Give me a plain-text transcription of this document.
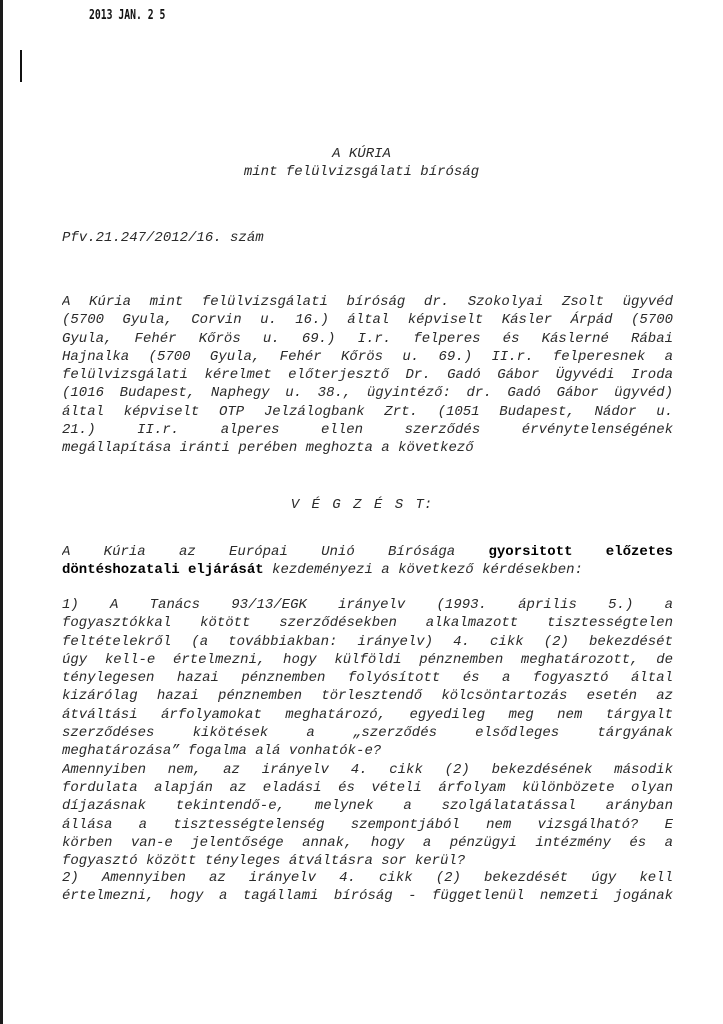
2013 JAN. 2 5
A KÚRIA
mint felülvizsgálati bíróság
Pfv.21.247/2012/16. szám
A Kúria mint felülvizsgálati bíróság dr. Szokolyai Zsolt ügyvéd
(5700 Gyula, Corvin u. 16.) által képviselt Kásler Árpád (5700
Gyula, Fehér Kőrös u. 69.) I.r. felperes és Káslerné Rábai
Hajnalka (5700 Gyula, Fehér Kőrös u. 69.) II.r. felperesnek a
felülvizsgálati kérelmet előterjesztő Dr. Gadó Gábor Ügyvédi Iroda
(1016 Budapest, Naphegy u. 38., ügyintéző: dr. Gadó Gábor ügyvéd)
által képviselt OTP Jelzálogbank Zrt. (1051 Budapest, Nádor u.
21.) II.r. alperes ellen szerződés érvénytelenségének
megállapítása iránti perében meghozta a következő
V É G Z É S T:
A Kúria az Európai Unió Bírósága gyorsitott előzetes
döntéshozatali eljárását kezdeményezi a következő kérdésekben:
1) A Tanács 93/13/EGK irányelv (1993. április 5.) a
fogyasztókkal kötött szerződésekben alkalmazott tisztességtelen
feltételekről (a továbbiakban: irányelv) 4. cikk (2) bekezdését
úgy kell-e értelmezni, hogy külföldi pénznemben meghatározott, de
ténylegesen hazai pénznemben folyósított és a fogyasztó által
kizárólag hazai pénznemben törlesztendő kölcsöntartozás esetén az
átváltási árfolyamokat meghatározó, egyedileg meg nem tárgyalt
szerződéses kikötések a „szerződés elsődleges tárgyának
meghatározása” fogalma alá vonhatók-e?
Amennyiben nem, az irányelv 4. cikk (2) bekezdésének második
fordulata alapján az eladási és vételi árfolyam különbözete olyan
díjazásnak tekintendő-e, melynek a szolgálatatással arányban
állása a tisztességtelenség szempontjából nem vizsgálható? E
körben van-e jelentősége annak, hogy a pénzügyi intézmény és a
fogyasztó között tényleges átváltásra sor kerül?
2) Amennyiben az irányelv 4. cikk (2) bekezdését úgy kell
értelmezni, hogy a tagállami bíróság - függetlenül nemzeti jogának
